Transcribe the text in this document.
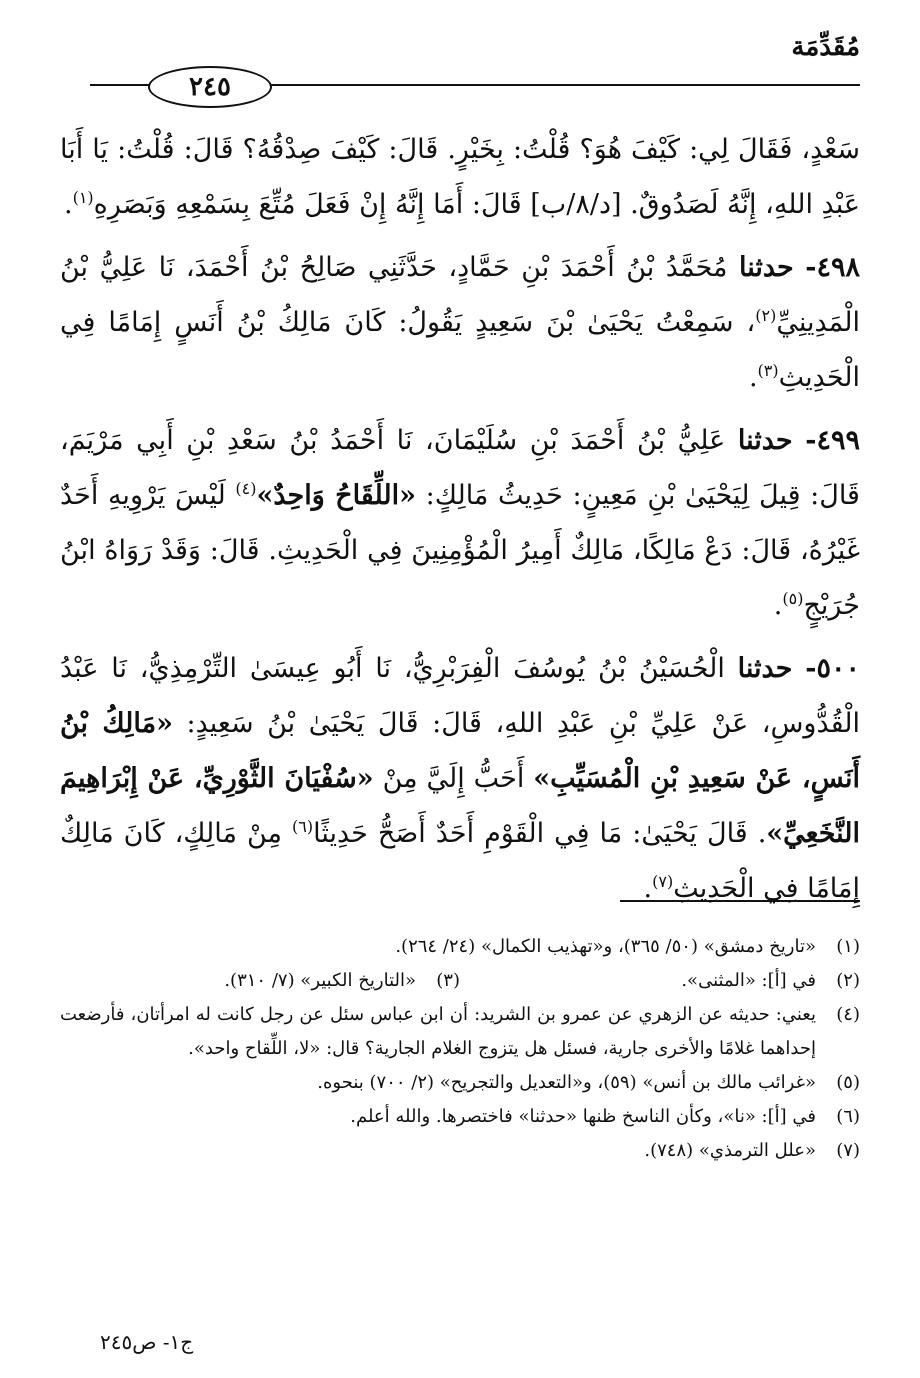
مُقَدِّمَة
٢٤٥

سَعْدٍ، فَقَالَ لِي: كَيْفَ هُوَ؟ قُلْتُ: بِخَيْرٍ. قَالَ: كَيْفَ صِدْقُهُ؟ قَالَ: قُلْتُ: يَا أَبَا عَبْدِ اللهِ، إِنَّهُ لَصَدُوقٌ. [د/٨/ب] قَالَ: أَمَا إِنَّهُ إِنْ فَعَلَ مُتِّعَ بِسَمْعِهِ وَبَصَرِهِ$^{(١)}$.

٤٩٨- حدثنا مُحَمَّدُ بْنُ أَحْمَدَ بْنِ حَمَّادٍ، حَدَّثَنِي صَالِحُ بْنُ أَحْمَدَ، نَا عَلِيُّ بْنُ الْمَدِينِيِّ$^{(٢)}$، سَمِعْتُ يَحْيَىٰ بْنَ سَعِيدٍ يَقُولُ: كَانَ مَالِكُ بْنُ أَنَسٍ إِمَامًا فِي الْحَدِيثِ$^{(٣)}$.

٤٩٩- حدثنا عَلِيُّ بْنُ أَحْمَدَ بْنِ سُلَيْمَانَ، نَا أَحْمَدُ بْنُ سَعْدِ بْنِ أَبِي مَرْيَمَ، قَالَ: قِيلَ لِيَحْيَىٰ بْنِ مَعِينٍ: حَدِيثُ مَالِكٍ: «اللِّقَاحُ وَاحِدٌ»$^{(٤)}$ لَيْسَ يَرْوِيهِ أَحَدٌ غَيْرُهُ، قَالَ: دَعْ مَالِكًا، مَالِكٌ أَمِيرُ الْمُؤْمِنِينَ فِي الْحَدِيثِ. قَالَ: وَقَدْ رَوَاهُ ابْنُ جُرَيْجٍ$^{(٥)}$.

٥٠٠- حدثنا الْحُسَيْنُ بْنُ يُوسُفَ الْفِرَبْرِيُّ، نَا أَبُو عِيسَىٰ التِّرْمِذِيُّ، نَا عَبْدُ الْقُدُّوسِ، عَنْ عَلِيِّ بْنِ عَبْدِ اللهِ، قَالَ: قَالَ يَحْيَىٰ بْنُ سَعِيدٍ: «مَالِكُ بْنُ أَنَسٍ، عَنْ سَعِيدِ بْنِ الْمُسَيِّبِ» أَحَبُّ إِلَيَّ مِنْ «سُفْيَانَ الثَّوْرِيِّ، عَنْ إِبْرَاهِيمَ النَّخَعِيِّ». قَالَ يَحْيَىٰ: مَا فِي الْقَوْمِ أَحَدٌ أَصَحُّ حَدِيثًا$^{(٦)}$ مِنْ مَالِكٍ، كَانَ مَالِكٌ إِمَامًا فِي الْحَدِيثِ$^{(٧)}$.

(١)
«تاريخ دمشق» (٥٠/ ٣٦٥)، و«تهذيب الكمال» (٢٤/ ٢٦٤).
(٢)
في [أ]: «المثنى».
(٣)
«التاريخ الكبير» (٧/ ٣١٠).
(٤)
يعني: حديثه عن الزهري عن عمرو بن الشريد: أن ابن عباس سئل عن رجل كانت له امرأتان، فأرضعت إحداهما غلامًا والأخرى جارية، فسئل هل يتزوج الغلام الجارية؟ قال: «لا، اللِّقاح واحد».
(٥)
«غرائب مالك بن أنس» (٥٩)، و«التعديل والتجريح» (٢/ ٧٠٠) بنحوه.
(٦)
في [أ]: «نا»، وكأن الناسخ ظنها «حدثنا» فاختصرها. والله أعلم.
(٧)
«علل الترمذي» (٧٤٨).
ج١- ص٢٤٥
